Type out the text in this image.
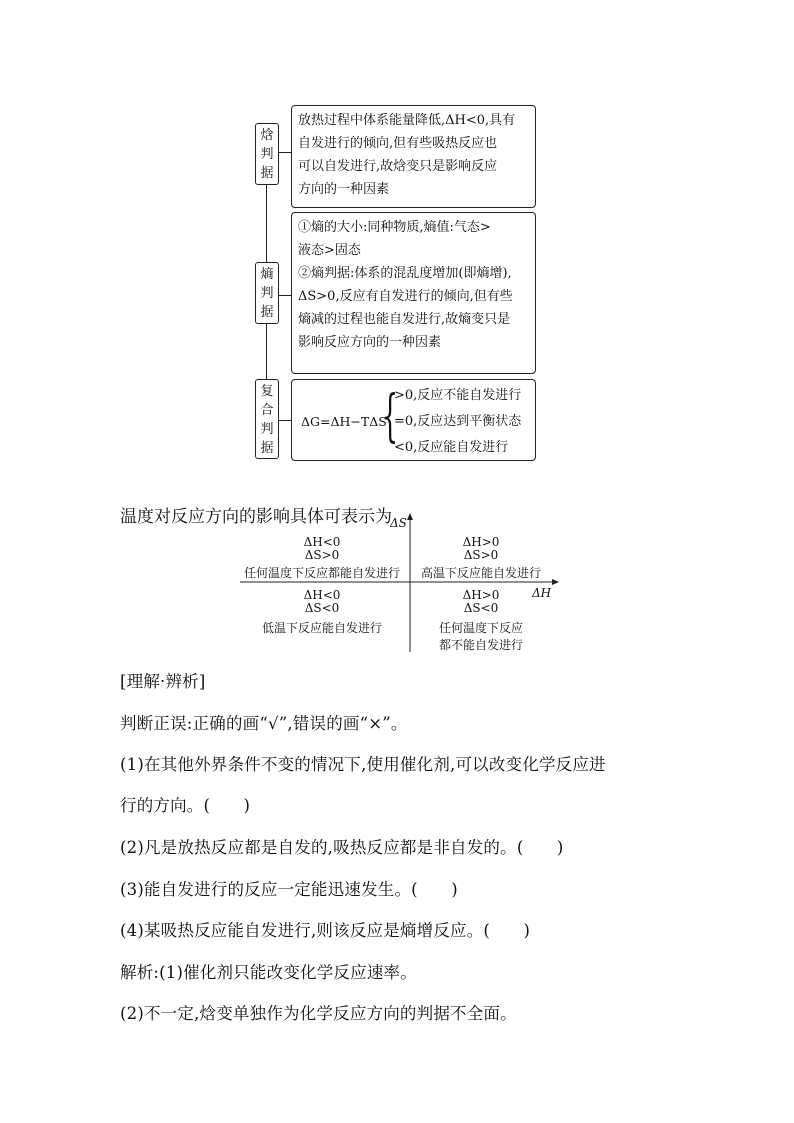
焓
判
据
放热过程中体系能量降低,ΔH<0,具有
自发进行的倾向,但有些吸热反应也
可以自发进行,故焓变只是影响反应
方向的一种因素
熵
判
据
①熵的大小:同种物质,熵值:气态>
液态>固态
②熵判据:体系的混乱度增加(即熵增),
ΔS>0,反应有自发进行的倾向,但有些
熵减的过程也能自发进行,故熵变只是
影响反应方向的一种因素
复
合
判
据
ΔG=ΔH−TΔS
{
>0,反应不能自发进行
=0,反应达到平衡状态
<0,反应能自发进行
温度对反应方向的影响具体可表示为
ΔS
ΔH
ΔH<0
ΔS>0
任何温度下反应都能自发进行
ΔH>0
ΔS>0
高温下反应能自发进行
ΔH<0
ΔS<0
低温下反应能自发进行
ΔH>0
ΔS<0
任何温度下反应
都不能自发进行
[理解·辨析]
判断正误:正确的画“√”,错误的画“×”。
(1)在其他外界条件不变的情况下,使用催化剂,可以改变化学反应进
行的方向。(　　)
(2)凡是放热反应都是自发的,吸热反应都是非自发的。(　　)
(3)能自发进行的反应一定能迅速发生。(　　)
(4)某吸热反应能自发进行,则该反应是熵增反应。(　　)
解析:(1)催化剂只能改变化学反应速率。
(2)不一定,焓变单独作为化学反应方向的判据不全面。
